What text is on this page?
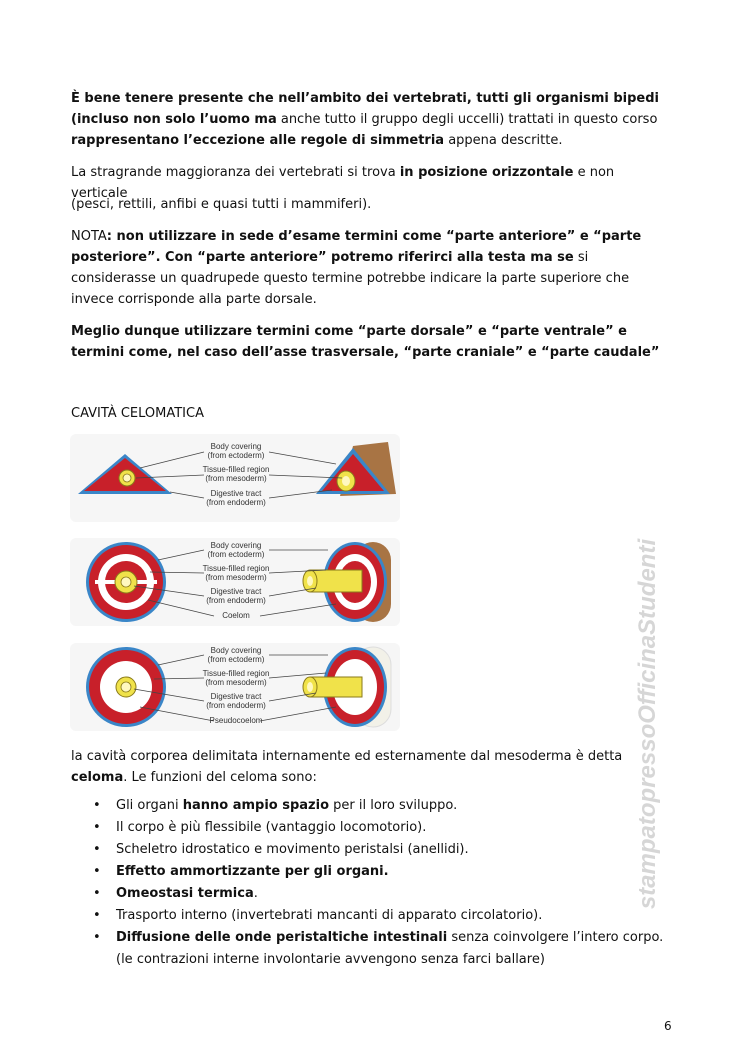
È bene tenere presente che nell’ambito dei vertebrati, tutti gli organismi bipedi (incluso non solo l’uomo ma anche tutto il gruppo degli uccelli) trattati in questo corso rappresentano l’eccezione alle regole di simmetria appena descritte.

La stragrande maggioranza dei vertebrati si trova in posizione orizzontale e non verticale

(pesci, rettili, anfibi e quasi tutti i mammiferi).

NOTA: non utilizzare in sede d’esame termini come “parte anteriore” e “parte posteriore”. Con “parte anteriore” potremo riferirci alla testa ma se si considerasse un quadrupede questo termine potrebbe indicare la parte superiore che invece corrisponde alla parte dorsale.

Meglio dunque utilizzare termini come “parte dorsale” e “parte ventrale” e termini come, nel caso dell’asse trasversale, “parte craniale” e “parte caudale”

CAVITÀ CELOMATICA
Body covering
(from ectoderm)
Tissue-filled region
(from mesoderm)
Digestive tract
(from endoderm)
Body covering
(from ectoderm)
Tissue-filled region
(from mesoderm)
Digestive tract
(from endoderm)
Coelom
Body covering
(from ectoderm)
Tissue-filled region
(from mesoderm)
Digestive tract
(from endoderm)
Pseudocoelom	stampatopressoOfficinaStudenti

la cavità corporea delimitata internamente ed esternamente dal mesoderma è detta celoma. Le funzioni del celoma sono:

• Gli organi hanno ampio spazio per il loro sviluppo.
• Il corpo è più flessibile (vantaggio locomotorio).
• Scheletro idrostatico e movimento peristalsi (anellidi).
• Effetto ammortizzante per gli organi.
• Omeostasi termica.
• Trasporto interno (invertebrati mancanti di apparato circolatorio).
• Diffusione delle onde peristaltiche intestinali senza coinvolgere l’intero corpo.
(le contrazioni interne involontarie avvengono senza farci ballare)
6
